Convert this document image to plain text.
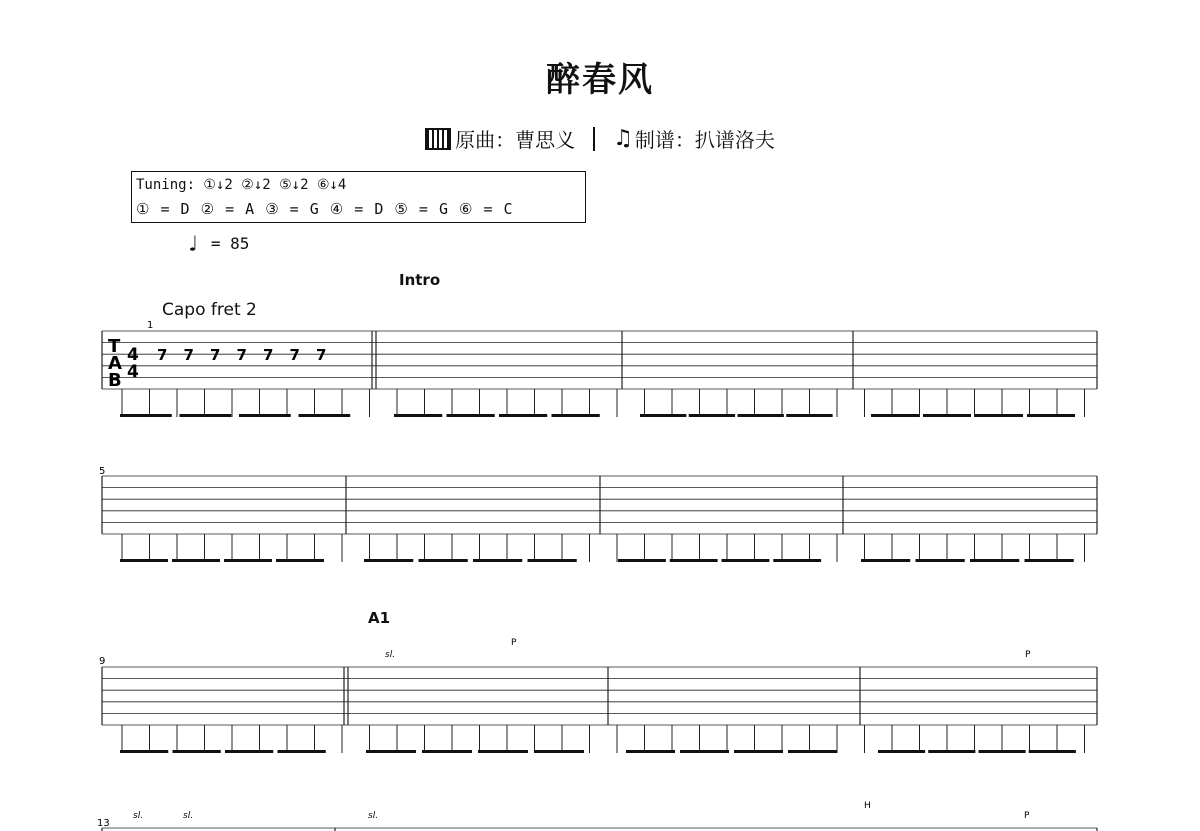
醉春风
原曲：曹思义 ♫ 制谱：扒谱洛夫
Tuning: ①↓2 ②↓2 ⑤↓2 ⑥↓4
① = D ② = A ③ = G ④ = D ⑤ = G ⑥ = C
♩ = 85
Intro
A1
Capo fret 2
T
A
B
4
4
1
5
9
13
sl.
P
P
sl.	sl.	sl.
H
P
7 7 7 7 7 7 7
